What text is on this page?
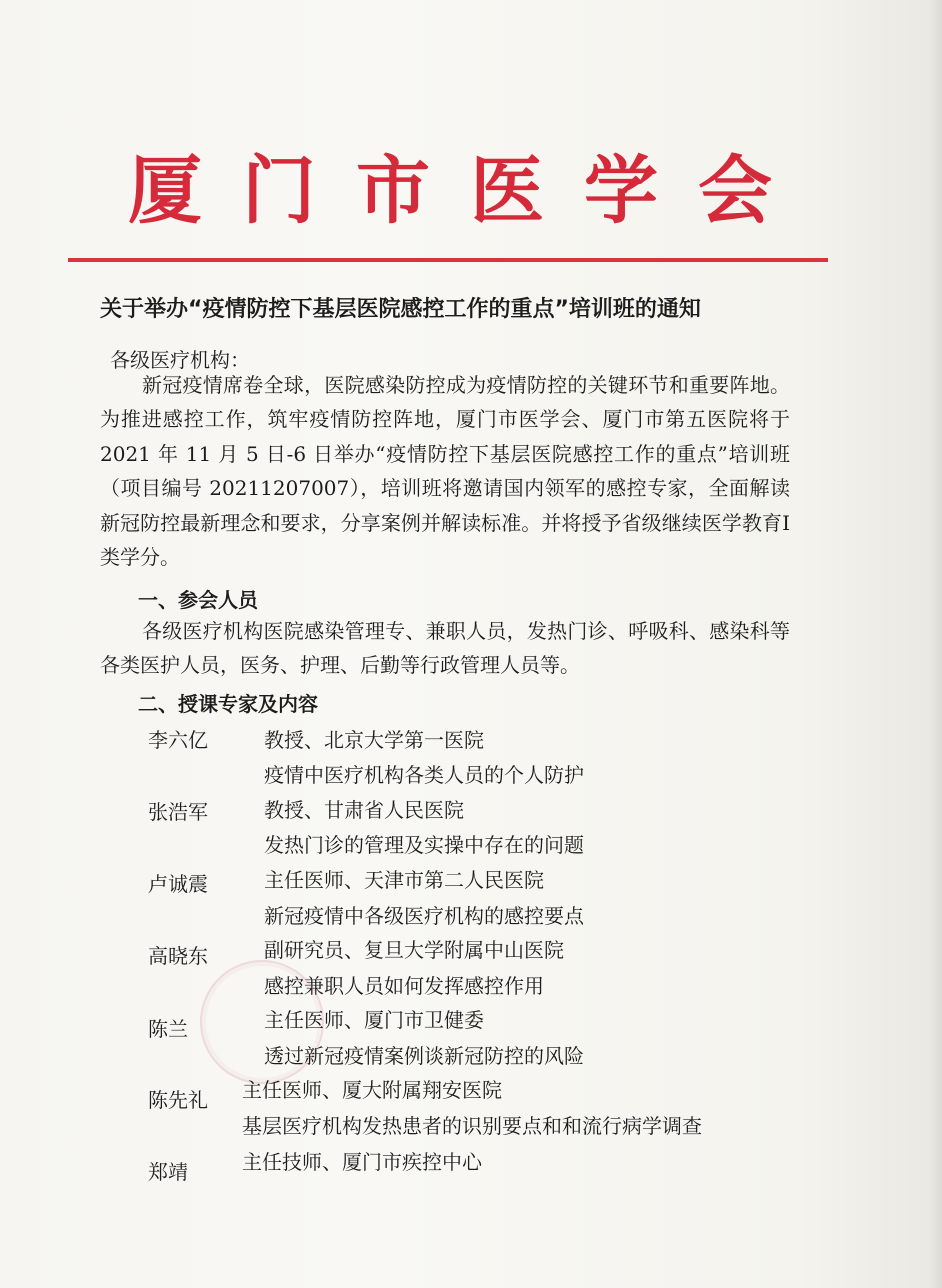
厦 门 市 医 学 会
关于举办“疫情防控下基层医院感控工作的重点”培训班的通知
各级医疗机构：
新冠疫情席卷全球，医院感染防控成为疫情防控的关键环节和重要阵地。为推进感控工作，筑牢疫情防控阵地，厦门市医学会、厦门市第五医院将于 2021 年 11 月 5 日-6 日举办“疫情防控下基层医院感控工作的重点”培训班（项目编号 20211207007），培训班将邀请国内领军的感控专家，全面解读新冠防控最新理念和要求，分享案例并解读标准。并将授予省级继续医学教育Ⅰ类学分。
一、参会人员
各级医疗机构医院感染管理专、兼职人员，发热门诊、呼吸科、感染科等各类医护人员，医务、护理、后勤等行政管理人员等。
二、授课专家及内容
李六亿	教授、北京大学第一医院
疫情中医疗机构各类人员的个人防护
张浩军	教授、甘肃省人民医院
发热门诊的管理及实操中存在的问题
卢诚震	主任医师、天津市第二人民医院
新冠疫情中各级医疗机构的感控要点
高晓东	副研究员、复旦大学附属中山医院
感控兼职人员如何发挥感控作用
陈兰	主任医师、厦门市卫健委
透过新冠疫情案例谈新冠防控的风险
陈先礼 主任医师、厦大附属翔安医院
基层医疗机构发热患者的识别要点和和流行病学调查
郑靖	主任技师、厦门市疾控中心
